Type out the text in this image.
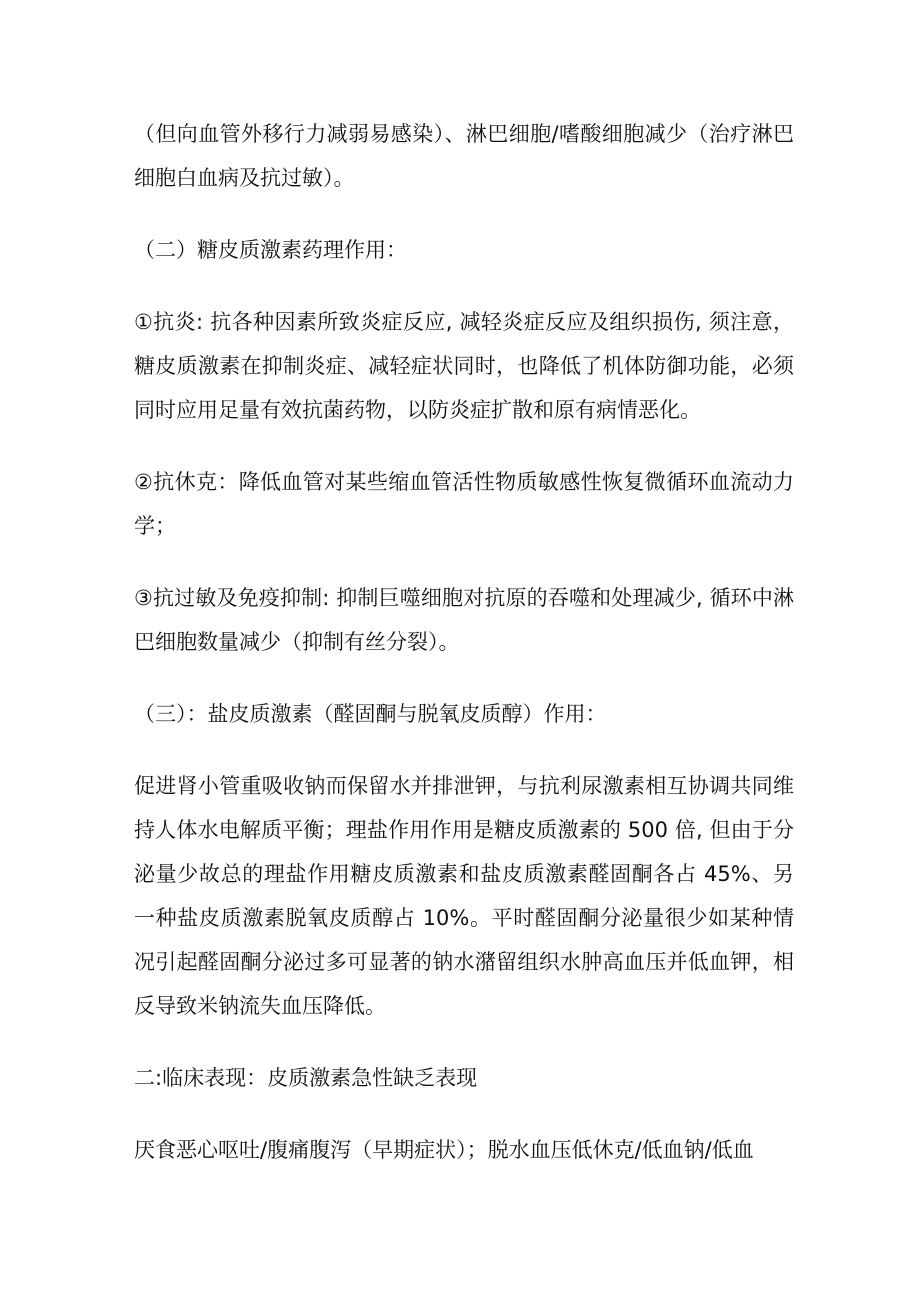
（但向血管外移行力减弱易感染）、淋巴细胞/嗜酸细胞减少（治疗淋巴细胞白血病及抗过敏）。

（二）糖皮质激素药理作用：

①抗炎: 抗各种因素所致炎症反应, 减轻炎症反应及组织损伤, 须注意，糖皮质激素在抑制炎症、减轻症状同时，也降低了机体防御功能，必须同时应用足量有效抗菌药物，以防炎症扩散和原有病情恶化。

②抗休克：降低血管对某些缩血管活性物质敏感性恢复微循环血流动力学；

③抗过敏及免疫抑制: 抑制巨噬细胞对抗原的吞噬和处理减少, 循环中淋巴细胞数量减少（抑制有丝分裂）。

（三）：盐皮质激素（醛固酮与脱氧皮质醇）作用：

促进肾小管重吸收钠而保留水并排泄钾，与抗利尿激素相互协调共同维持人体水电解质平衡；理盐作用作用是糖皮质激素的 500 倍, 但由于分泌量少故总的理盐作用糖皮质激素和盐皮质激素醛固酮各占 45%、另一种盐皮质激素脱氧皮质醇占 10%。平时醛固酮分泌量很少如某种情况引起醛固酮分泌过多可显著的钠水潴留组织水肿高血压并低血钾，相反导致米钠流失血压降低。

二:临床表现：皮质激素急性缺乏表现

厌食恶心呕吐/腹痛腹泻（早期症状）；脱水血压低休克/低血钠/低血
